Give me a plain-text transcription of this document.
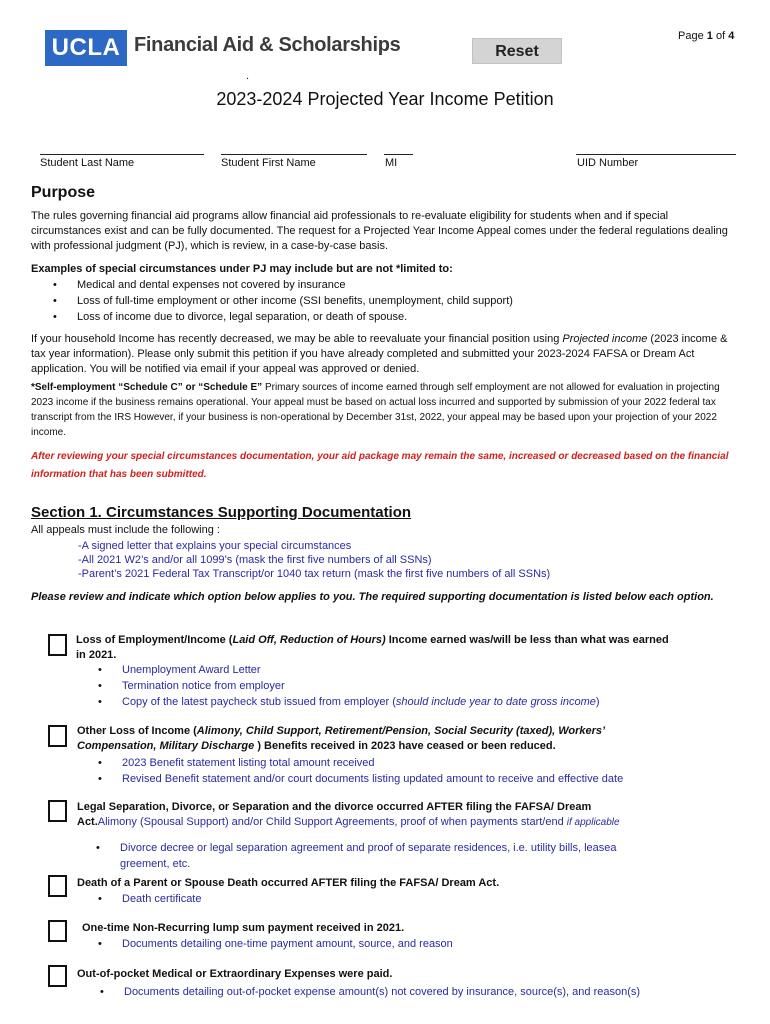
UCLA Financial Aid & Scholarships	Reset
Page 1 of 4
.
2023-2024 Projected Year Income Petition
Student Last Name	Student First Name	MI	UID Number
Purpose
The rules governing financial aid programs allow financial aid professionals to re-evaluate eligibility for students when and if special circumstances exist and can be fully documented. The request for a Projected Year Income Appeal comes under the federal regulations dealing with professional judgment (PJ), which is review, in a case-by-case basis.
Examples of special circumstances under PJ may include but are not *limited to:
• Medical and dental expenses not covered by insurance
• Loss of full-time employment or other income (SSI benefits, unemployment, child support)
• Loss of income due to divorce, legal separation, or death of spouse.
If your household Income has recently decreased, we may be able to reevaluate your financial position using Projected income (2023 income & tax year information). Please only submit this petition if you have already completed and submitted your 2023-2024 FAFSA or Dream Act application. You will be notified via email if your appeal was approved or denied.
*Self-employment “Schedule C” or “Schedule E” Primary sources of income earned through self employment are not allowed for evaluation in projecting 2023 income if the business remains operational. Your appeal must be based on actual loss incurred and supported by submission of your 2022 federal tax transcript from the IRS However, if your business is non-operational by December 31st, 2022, your appeal may be based upon your projection of your 2022 income.
After reviewing your special circumstances documentation, your aid package may remain the same, increased or decreased based on the financial information that has been submitted.
Section 1. Circumstances Supporting Documentation
All appeals must include the following :
-A signed letter that explains your special circumstances
-All 2021 W2’s and/or all 1099’s (mask the first five numbers of all SSNs)
-Parent’s 2021 Federal Tax Transcript/or 1040 tax return (mask the first five numbers of all SSNs)
Please review and indicate which option below applies to you. The required supporting documentation is listed below each option.
Loss of Employment/Income (Laid Off, Reduction of Hours) Income earned was/will be less than what was earned in 2021.
• Unemployment Award Letter
• Termination notice from employer
• Copy of the latest paycheck stub issued from employer (should include year to date gross income)
Other Loss of Income (Alimony, Child Support, Retirement/Pension, Social Security (taxed), Workers’ Compensation, Military Discharge ) Benefits received in 2023 have ceased or been reduced.
• 2023 Benefit statement listing total amount received
• Revised Benefit statement and/or court documents listing updated amount to receive and effective date
Legal Separation, Divorce, or Separation and the divorce occurred AFTER filing the FAFSA/ Dream Act.Alimony (Spousal Support) and/or Child Support Agreements, proof of when payments start/end if applicable
• Divorce decree or legal separation agreement and proof of separate residences, i.e. utility bills, leasea greement, etc.
Death of a Parent or Spouse Death occurred AFTER filing the FAFSA/ Dream Act.
• Death certificate
One-time Non-Recurring lump sum payment received in 2021.
• Documents detailing one-time payment amount, source, and reason
Out-of-pocket Medical or Extraordinary Expenses were paid.
• Documents detailing out-of-pocket expense amount(s) not covered by insurance, source(s), and reason(s)
